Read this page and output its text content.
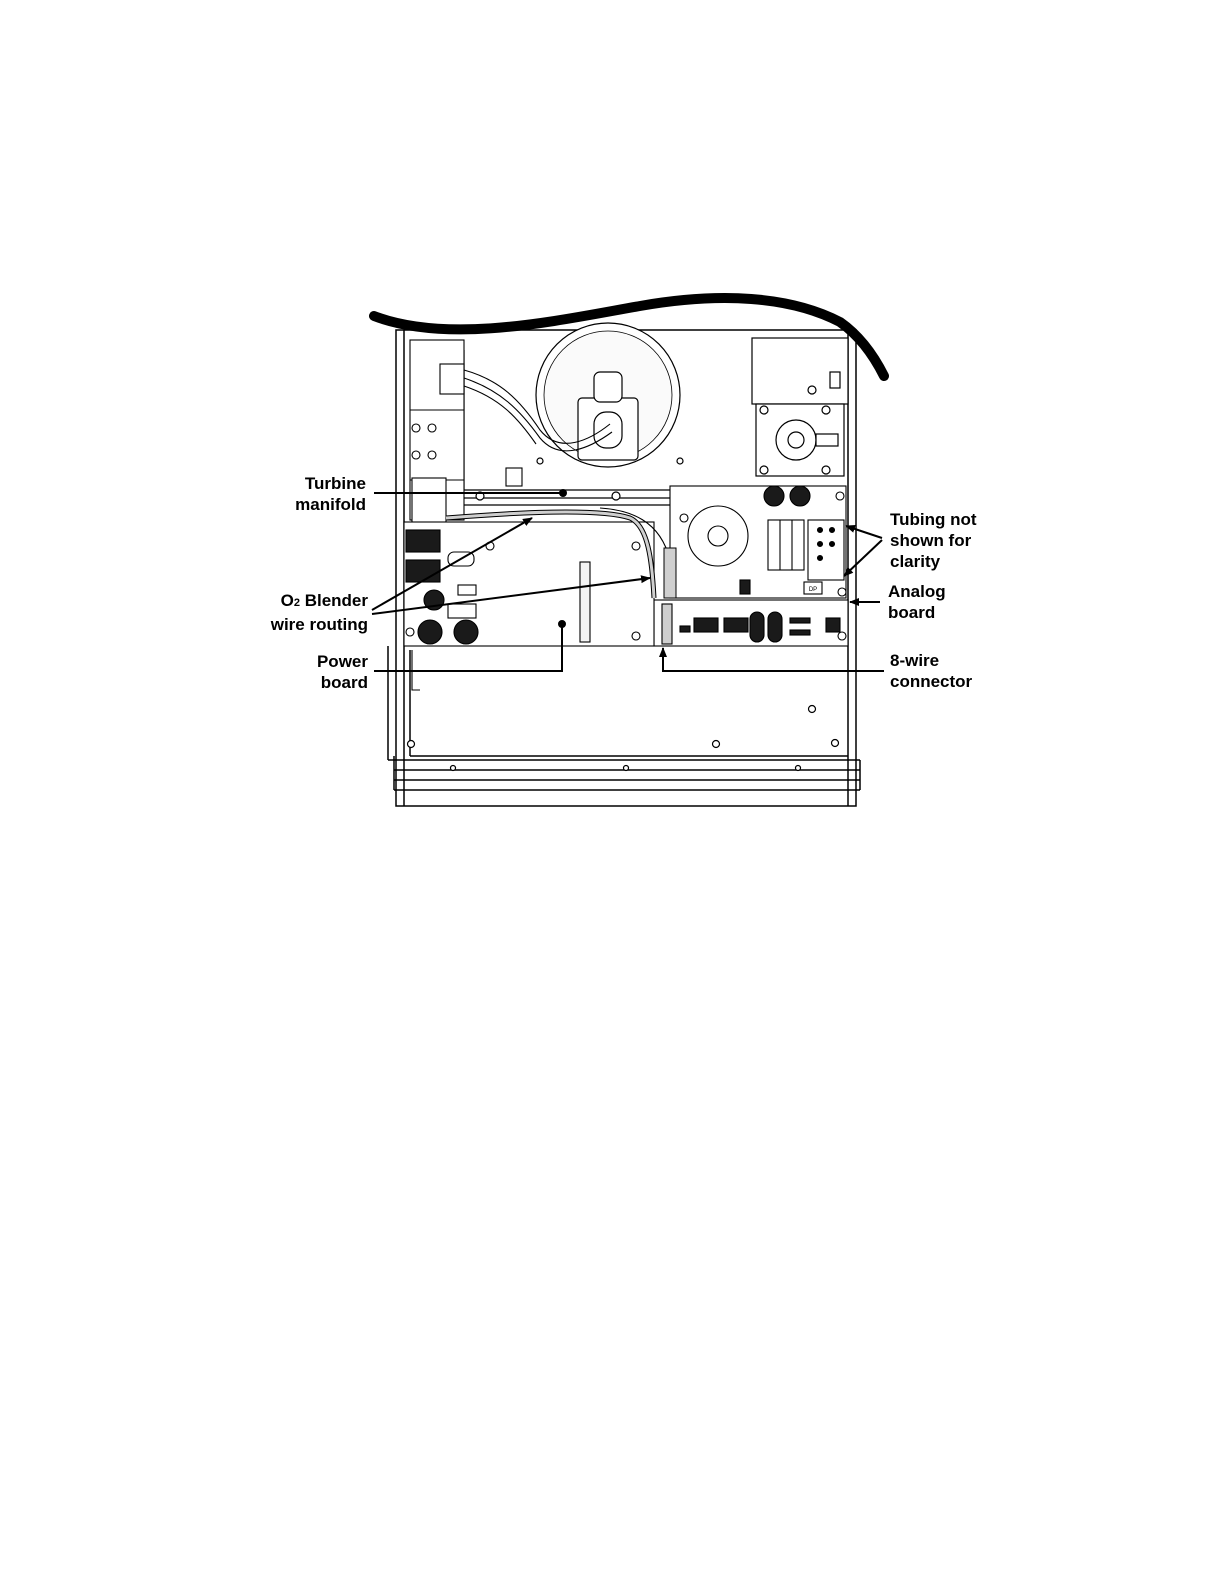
DP
Turbine
manifold
O2 Blender
wire routing
Power
board
Tubing not
shown for
clarity
Analog
board
8-wire
connector
